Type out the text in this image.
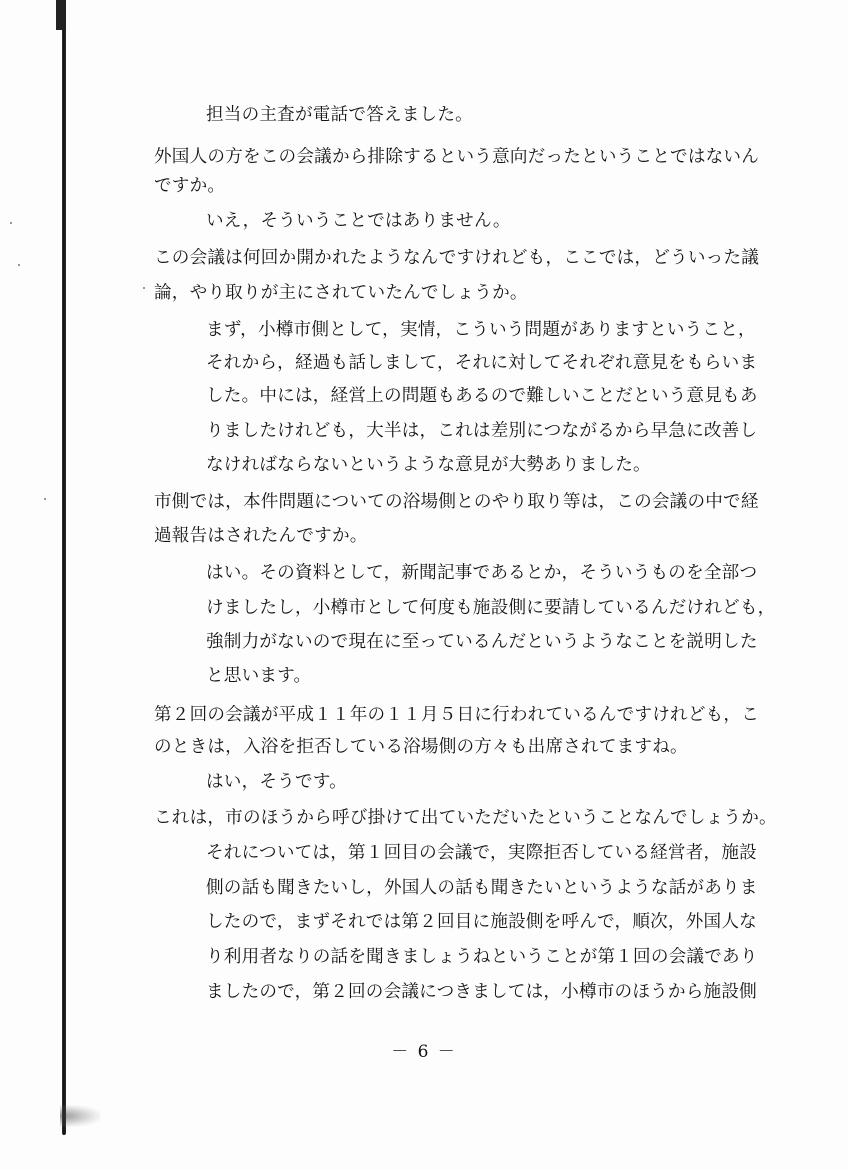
担当の主査が電話で答えました。
外国人の方をこの会議から排除するという意向だったということではないん
ですか。
いえ，そういうことではありません。
この会議は何回か開かれたようなんですけれども，ここでは，どういった議
論，やり取りが主にされていたんでしょうか。
まず，小樽市側として，実情，こういう問題がありますということ，
それから，経過も話しまして，それに対してそれぞれ意見をもらいま
した。中には，経営上の問題もあるので難しいことだという意見もあ
りましたけれども，大半は，これは差別につながるから早急に改善し
なければならないというような意見が大勢ありました。
市側では，本件問題についての浴場側とのやり取り等は，この会議の中で経
過報告はされたんですか。
はい。その資料として，新聞記事であるとか，そういうものを全部つ
けましたし，小樽市として何度も施設側に要請しているんだけれども，
強制力がないので現在に至っているんだというようなことを説明した
と思います。
第２回の会議が平成１１年の１１月５日に行われているんですけれども，こ
のときは，入浴を拒否している浴場側の方々も出席されてますね。
はい，そうです。
これは，市のほうから呼び掛けて出ていただいたということなんでしょうか。
それについては，第１回目の会議で，実際拒否している経営者，施設
側の話も聞きたいし，外国人の話も聞きたいというような話がありま
したので，まずそれでは第２回目に施設側を呼んで，順次，外国人な
り利用者なりの話を聞きましょうねということが第１回の会議であり
ましたので，第２回の会議につきましては，小樽市のほうから施設側
－ 6 －
